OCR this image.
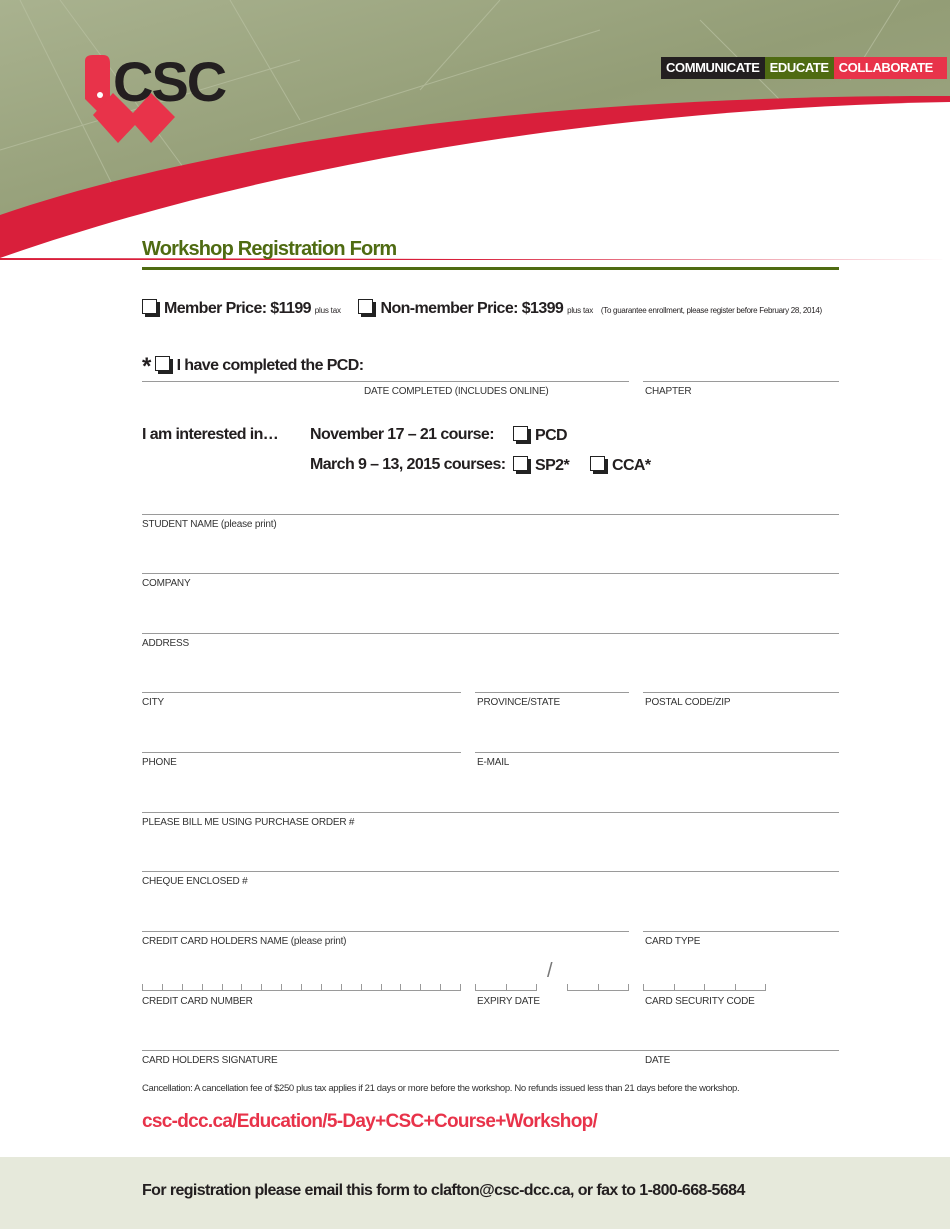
CSC	COMMUNICATE EDUCATE COLLABORATE
Workshop Registration Form
Member Price: $1199 plus tax Non-member Price: $1399 plus tax (To guarantee enrollment, please register before February 28, 2014)
* I have completed the PCD:
DATE COMPLETED (INCLUDES ONLINE)	CHAPTER
I am interested in… November 17 – 21 course:
March 9 – 13, 2015 courses:
PCD
SP2*	CCA*
STUDENT NAME (please print)
COMPANY
ADDRESS
CITY	PROVINCE/STATE	POSTAL CODE/ZIP
PHONE	E-MAIL
PLEASE BILL ME USING PURCHASE ORDER #
CHEQUE ENCLOSED #
CREDIT CARD HOLDERS NAME (please print)	CARD TYPE
/
CREDIT CARD NUMBER	EXPIRY DATE	CARD SECURITY CODE
CARD HOLDERS SIGNATURE	DATE
Cancellation: A cancellation fee of $250 plus tax applies if 21 days or more before the workshop. No refunds issued less than 21 days before the workshop.
csc-dcc.ca/Education/5-Day+CSC+Course+Workshop/
For registration please email this form to clafton@csc-dcc.ca, or fax to 1-800-668-5684
